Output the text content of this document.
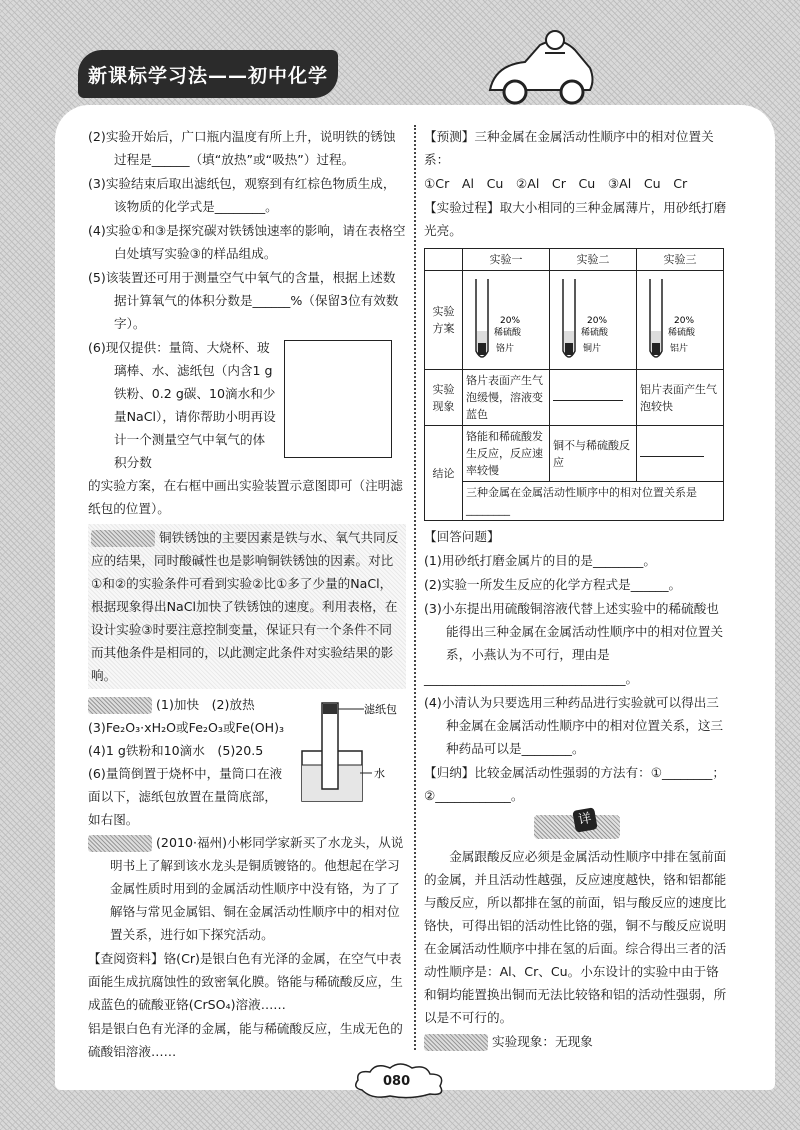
新课标学习法——初中化学
(2)实验开始后，广口瓶内温度有所上升，说明铁的锈蚀过程是______（填“放热”或“吸热”）过程。
(3)实验结束后取出滤纸包，观察到有红棕色物质生成，该物质的化学式是________。
(4)实验①和③是探究碳对铁锈蚀速率的影响，请在表格空白处填写实验③的样品组成。
(5)该装置还可用于测量空气中氧气的含量，根据上述数据计算氧气的体积分数是______%（保留3位有效数字）。
(6)现仅提供：量筒、大烧杯、玻璃棒、水、滤纸包（内含1 g铁粉、0.2 g碳、10滴水和少量NaCl），请你帮助小明再设计一个测量空气中氧气的体积分数
的实验方案，在右框中画出实验装置示意图即可（注明滤纸包的位置）。
铜铁锈蚀的主要因素是铁与水、氧气共同反应的结果，同时酸碱性也是影响铜铁锈蚀的因素。对比①和②的实验条件可看到实验②比①多了少量的NaCl，根据现象得出NaCl加快了铁锈蚀的速度。利用表格，在设计实验③时要注意控制变量，保证只有一个条件不同而其他条件是相同的，以此测定此条件对实验结果的影响。
(1)加快　(2)放热　(3)Fe₂O₃·xH₂O或Fe₂O₃或Fe(OH)₃　(4)1 g铁粉和10滴水　(5)20.5　(6)量筒倒置于烧杯中，量筒口在液面以下，滤纸包放置在量筒底部，如右图。
滤纸包
水
(2010·福州)小彬同学家新买了水龙头，从说明书上了解到该水龙头是铜质镀铬的。他想起在学习金属性质时用到的金属活动性顺序中没有铬，为了了解铬与常见金属铝、铜在金属活动性顺序中的相对位置关系，进行如下探究活动。
【查阅资料】铬(Cr)是银白色有光泽的金属，在空气中表面能生成抗腐蚀性的致密氧化膜。铬能与稀硫酸反应，生成蓝色的硫酸亚铬(CrSO₄)溶液……
铝是银白色有光泽的金属，能与稀硫酸反应，生成无色的硫酸铝溶液……
【预测】三种金属在金属活动性顺序中的相对位置关系：
①Cr　Al　Cu　②Al　Cr　Cu　③Al　Cu　Cr
【实验过程】取大小相同的三种金属薄片，用砂纸打磨光亮。
	实验一	实验二	实验三
实验方案	20%
稀硫酸
铬片	20%
稀硫酸
铜片	20%
稀硫酸
铝片

实验现象	铬片表面产生气泡缓慢，溶液变蓝色		铝片表面产生气泡较快
结论	铬能和稀硫酸发生反应，反应速率较慢	铜不与稀硫酸反应	
	三种金属在金属活动性顺序中的相对位置关系是________		
【回答问题】
(1)用砂纸打磨金属片的目的是________。
(2)实验一所发生反应的化学方程式是______。
(3)小东提出用硫酸铜溶液代替上述实验中的稀硫酸也能得出三种金属在金属活动性顺序中的相对位置关系，小燕认为不可行，理由是
________________________________。
(4)小清认为只要选用三种药品进行实验就可以得出三种金属在金属活动性顺序中的相对位置关系，这三种药品可以是________。
【归纳】比较金属活动性强弱的方法有：①________；②____________。
详
金属跟酸反应必须是金属活动性顺序中排在氢前面的金属，并且活动性越强，反应速度越快，铬和铝都能与酸反应，所以都排在氢的前面，铝与酸反应的速度比铬快，可得出铝的活动性比铬的强，铜不与酸反应说明在金属活动性顺序中排在氢的后面。综合得出三者的活动性顺序是：Al、Cr、Cu。小东设计的实验中由于铬和铜均能置换出铜而无法比较铬和铝的活动性强弱，所以是不可行的。
实验现象：无现象
080
